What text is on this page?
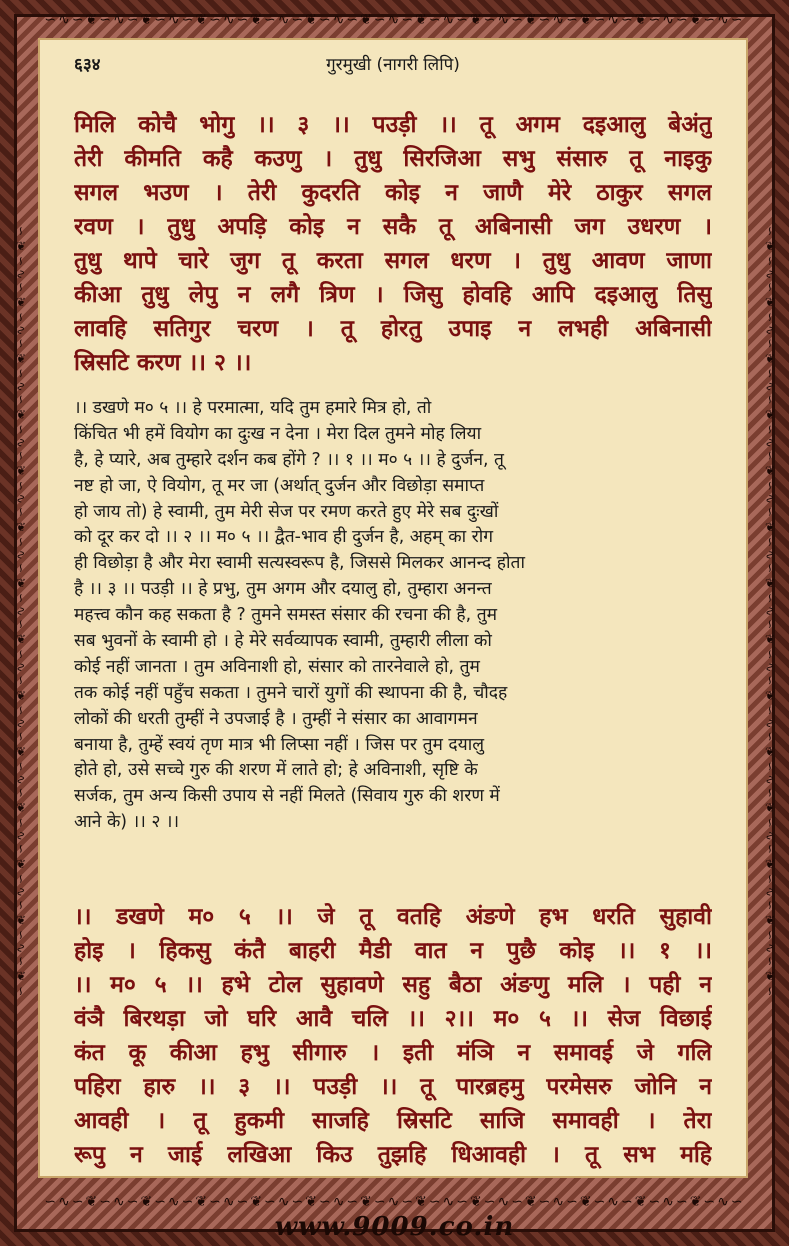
∽∿∽❦∽∿∽❦∽∿∽❦∽∿∽❦∽∿∽❦∽∿∽❦∽∿∽❦∽∿∽❦∽∿∽❦∽∿∽❦∽∿∽❦∽∿∽❦∽∿∽
∽❦∽∿∽❦∽∿∽❦∽∿∽❦∽∿∽❦∽∿∽❦∽∿∽❦∽∿∽❦∽∿∽❦∽∿∽❦∽∿∽❦∽∿∽❦∽∿∽❦∽∿∽❦∽	∽❦∽∿∽❦∽∿∽❦∽∿∽❦∽∿∽❦∽∿∽❦∽∿∽❦∽∿∽❦∽∿∽❦∽∿∽❦∽∿∽❦∽∿∽❦∽∿∽❦∽∿∽❦∽
६३४	गुरमुखी (नागरी लिपि)
मिलि कोचै भोगु ।। ३ ।। पउड़ी ।। तू अगम दइआलु बेअंतु
तेरी कीमति कहै कउणु । तुधु सिरजिआ सभु संसारु तू नाइकु
सगल भउण । तेरी कुदरति कोइ न जाणै मेरे ठाकुर सगल
रवण । तुधु अपड़ि कोइ न सकै तू अबिनासी जग उधरण ।
तुधु थापे चारे जुग तू करता सगल धरण । तुधु आवण जाणा
कीआ तुधु लेपु न लगै त्रिण । जिसु होवहि आपि दइआलु तिसु
लावहि सतिगुर चरण । तू होरतु उपाइ न लभही अबिनासी
स्रिसटि करण ।। २ ।।
।। डखणे म० ५ ।। हे परमात्मा, यदि तुम हमारे मित्र हो, तो
किंचित भी हमें वियोग का दुःख न देना । मेरा दिल तुमने मोह लिया
है, हे प्यारे, अब तुम्हारे दर्शन कब होंगे ? ।। १ ।। म० ५ ।। हे दुर्जन, तू
नष्ट हो जा, ऐ वियोग, तू मर जा (अर्थात् दुर्जन और विछोड़ा समाप्त
हो जाय तो) हे स्वामी, तुम मेरी सेज पर रमण करते हुए मेरे सब दुःखों
को दूर कर दो ।। २ ।। म० ५ ।। द्वैत-भाव ही दुर्जन है, अहम् का रोग
ही विछोड़ा है और मेरा स्वामी सत्यस्वरूप है, जिससे मिलकर आनन्द होता
है ।। ३ ।। पउड़ी ।। हे प्रभु, तुम अगम और दयालु हो, तुम्हारा अनन्त
महत्त्व कौन कह सकता है ? तुमने समस्त संसार की रचना की है, तुम
सब भुवनों के स्वामी हो । हे मेरे सर्वव्यापक स्वामी, तुम्हारी लीला को
कोई नहीं जानता । तुम अविनाशी हो, संसार को तारनेवाले हो, तुम
तक कोई नहीं पहुँच सकता । तुमने चारों युगों की स्थापना की है, चौदह
लोकों की धरती तुम्हीं ने उपजाई है । तुम्हीं ने संसार का आवागमन
बनाया है, तुम्हें स्वयं तृण मात्र भी लिप्सा नहीं । जिस पर तुम दयालु
होते हो, उसे सच्चे गुरु की शरण में लाते हो; हे अविनाशी, सृष्टि के
सर्जक, तुम अन्य किसी उपाय से नहीं मिलते (सिवाय गुरु की शरण में
आने के) ।। २ ।।
।। डखणे म० ५ ।। जे तू वतहि अंङणे हभ धरति सुहावी
होइ । हिकसु कंतै बाहरी मैडी वात न पुछै कोइ ।। १ ।।
।। म० ५ ।। हभे टोल सुहावणे सहु बैठा अंङणु मलि । पही न
वंञै बिरथड़ा जो घरि आवै चलि ।। २।। म० ५ ।। सेज विछाई
कंत कू कीआ हभु सीगारु । इती मंञि न समावई जे गलि
पहिरा हारु ।। ३ ।। पउड़ी ।। तू पारब्रहमु परमेसरु जोनि न
आवही । तू हुकमी साजहि स्रिसटि साजि समावही । तेरा
रूपु न जाई लखिआ किउ तुझहि धिआवही । तू सभ महि
∽∿∽❦∽∿∽❦∽∿∽❦∽∿∽❦∽∿∽❦∽∿∽❦∽∿∽❦∽∿∽❦∽∿∽❦∽∿∽❦∽∿∽❦∽∿∽❦∽∿∽
www.9009.co.in
